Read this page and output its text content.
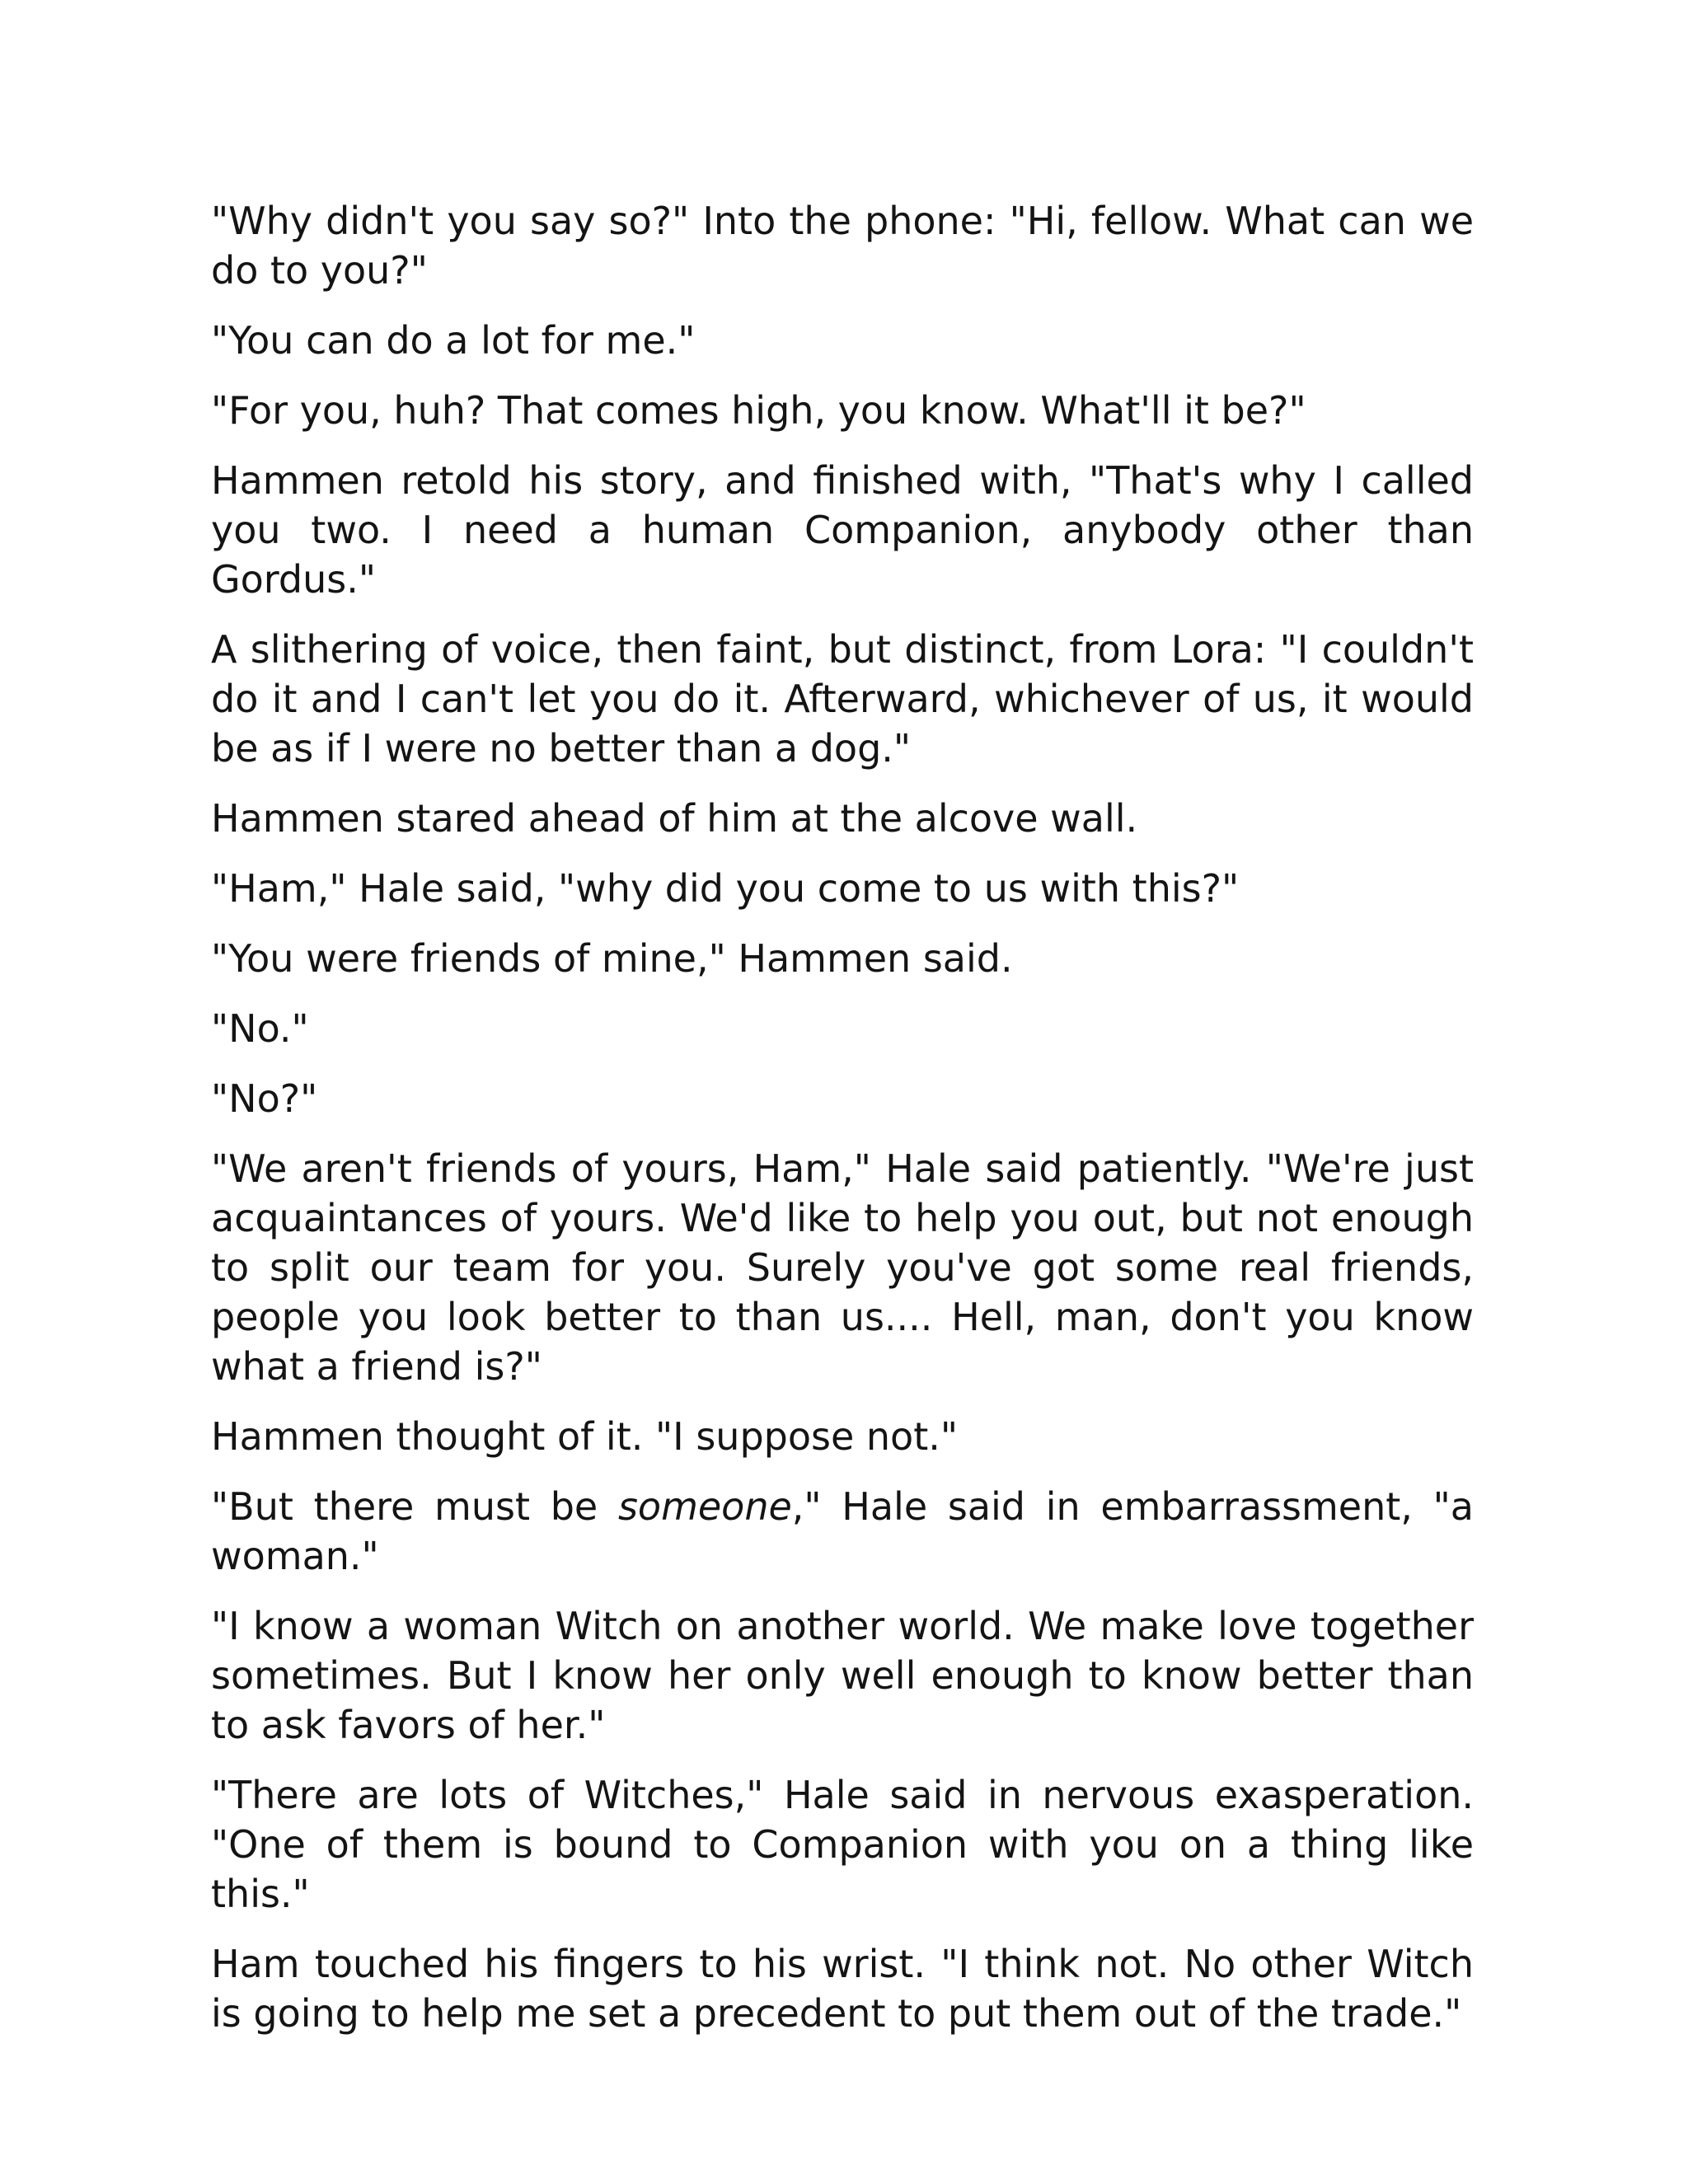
"Why didn't you say so?" Into the phone: "Hi, fellow. What can we do to you?"

"You can do a lot for me."

"For you, huh? That comes high, you know. What'll it be?"

Hammen retold his story, and finished with, "That's why I called you two. I need a human Companion, anybody other than Gordus."

A slithering of voice, then faint, but distinct, from Lora: "I couldn't do it and I can't let you do it. Afterward, whichever of us, it would be as if I were no better than a dog."

Hammen stared ahead of him at the alcove wall.

"Ham," Hale said, "why did you come to us with this?"

"You were friends of mine," Hammen said.

"No."

"No?"

"We aren't friends of yours, Ham," Hale said patiently. "We're just acquaintances of yours. We'd like to help you out, but not enough to split our team for you. Surely you've got some real friends, people you look better to than us.... Hell, man, don't you know what a friend is?"

Hammen thought of it. "I suppose not."

"But there must be someone," Hale said in embarrassment, "a woman."

"I know a woman Witch on another world. We make love together sometimes. But I know her only well enough to know better than to ask favors of her."

"There are lots of Witches," Hale said in nervous exasperation. "One of them is bound to Companion with you on a thing like this."

Ham touched his fingers to his wrist. "I think not. No other Witch is going to help me set a precedent to put them out of the trade."
